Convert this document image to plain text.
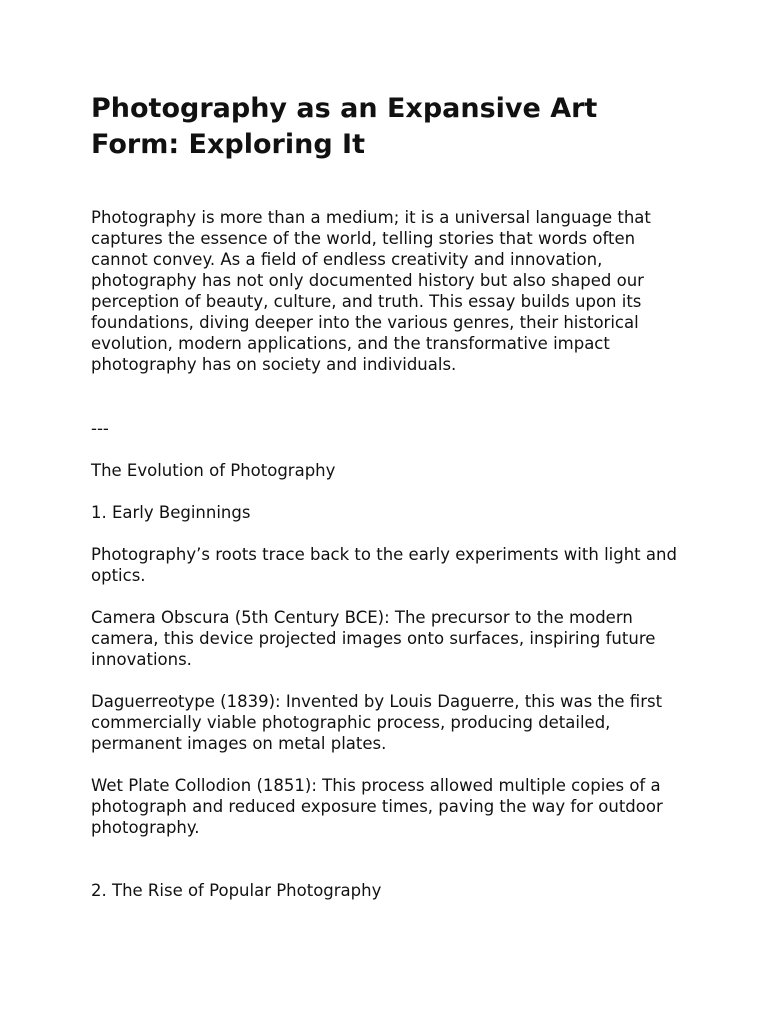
Photography as an Expansive Art Form: Exploring It

Photography is more than a medium; it is a universal language that captures the essence of the world, telling stories that words often cannot convey. As a field of endless creativity and innovation, photography has not only documented history but also shaped our perception of beauty, culture, and truth. This essay builds upon its foundations, diving deeper into the various genres, their historical evolution, modern applications, and the transformative impact photography has on society and individuals.

---

The Evolution of Photography

1. Early Beginnings

Photography’s roots trace back to the early experiments with light and optics.

Camera Obscura (5th Century BCE): The precursor to the modern camera, this device projected images onto surfaces, inspiring future innovations.

Daguerreotype (1839): Invented by Louis Daguerre, this was the first commercially viable photographic process, producing detailed, permanent images on metal plates.

Wet Plate Collodion (1851): This process allowed multiple copies of a photograph and reduced exposure times, paving the way for outdoor photography.

2. The Rise of Popular Photography
